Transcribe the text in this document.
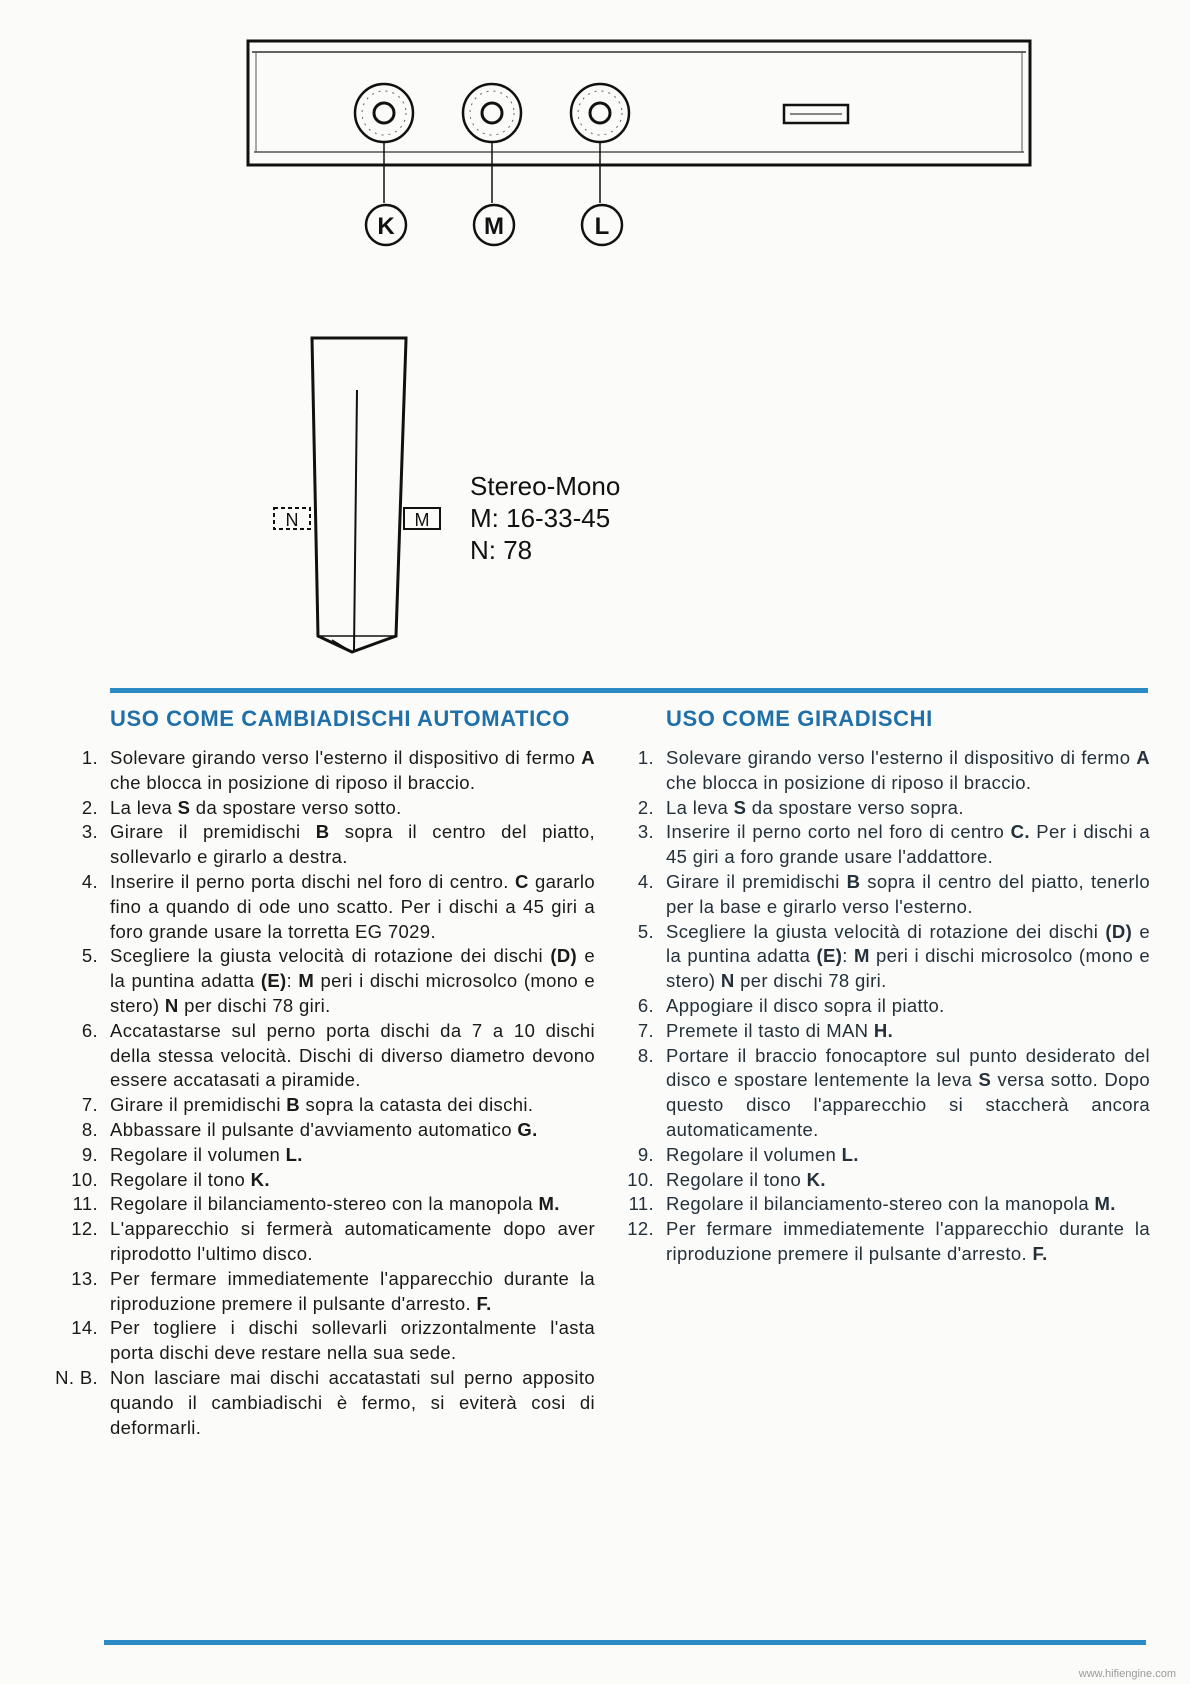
K	M	L
N	M
Stereo-Mono
M: 16-33-45
N: 78
USO COME CAMBIADISCHI AUTOMATICO
1. Solevare girando verso l'esterno il dispositivo di fermo A che blocca in posizione di riposo il braccio.
2. La leva S da spostare verso sotto.
3. Girare il premidischi B sopra il centro del piatto, sollevarlo e girarlo a destra.
4. Inserire il perno porta dischi nel foro di centro. C gararlo fino a quando di ode uno scatto. Per i dischi a 45 giri a foro grande usare la torretta EG 7029.
5. Scegliere la giusta velocità di rotazione dei dischi (D) e la puntina adatta (E): M peri i dischi microsolco (mono e stero) N per dischi 78 giri.
6. Accatastarse sul perno porta dischi da 7 a 10 dischi della stessa velocità. Dischi di diverso diametro devono essere accatasati a piramide.
7. Girare il premidischi B sopra la catasta dei dischi.
8. Abbassare il pulsante d'avviamento automatico G.
9. Regolare il volumen L.
10. Regolare il tono K.
11. Regolare il bilanciamento-stereo con la manopola M.
12. L'apparecchio si fermerà automaticamente dopo aver riprodotto l'ultimo disco.
13. Per fermare immediatemente l'apparecchio durante la riproduzione premere il pulsante d'arresto. F.
14. Per togliere i dischi sollevarli orizzontalmente l'asta porta dischi deve restare nella sua sede.
N. B. Non lasciare mai dischi accatastati sul perno apposito quando il cambiadischi è fermo, si eviterà cosi di deformarli.
USO COME GIRADISCHI
1. Solevare girando verso l'esterno il dispositivo di fermo A che blocca in posizione di riposo il braccio.
2. La leva S da spostare verso sopra.
3. Inserire il perno corto nel foro di centro C. Per i dischi a 45 giri a foro grande usare l'addattore.
4. Girare il premidischi B sopra il centro del piatto, tenerlo per la base e girarlo verso l'esterno.
5. Scegliere la giusta velocità di rotazione dei dischi (D) e la puntina adatta (E): M peri i dischi microsolco (mono e stero) N per dischi 78 giri.
6. Appogiare il disco sopra il piatto.
7. Premete il tasto di MAN H.
8. Portare il braccio fonocaptore sul punto desiderato del disco e spostare lentemente la leva S versa sotto. Dopo questo disco l'apparecchio si staccherà ancora automaticamente.
9. Regolare il volumen L.
10. Regolare il tono K.
11. Regolare il bilanciamento-stereo con la manopola M.
12. Per fermare immediatemente l'apparecchio durante la riproduzione premere il pulsante d'arresto. F.
www.hifiengine.com
